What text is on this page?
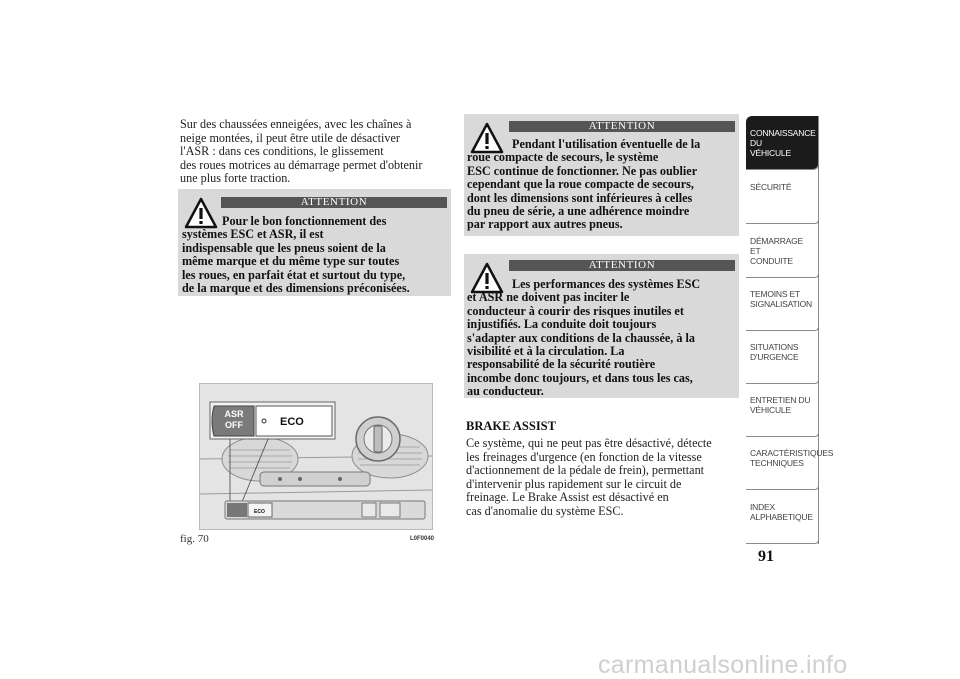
Sur des chaussées enneigées, avec les chaînes à
neige montées, il peut être utile de désactiver
l'ASR : dans ces conditions, le glissement
des roues motrices au démarrage permet d'obtenir
une plus forte traction.
ATTENTION
Pour le bon fonctionnement des
systèmes ESC et ASR, il est
indispensable que les pneus soient de la
même marque et du même type sur toutes
les roues, en parfait état et surtout du type,
de la marque et des dimensions préconisées.
ATTENTION
Pendant l'utilisation éventuelle de la
roue compacte de secours, le système
ESC continue de fonctionner. Ne pas oublier
cependant que la roue compacte de secours,
dont les dimensions sont inférieures à celles
du pneu de série, a une adhérence moindre
par rapport aux autres pneus.
ATTENTION
Les performances des systèmes ESC
et ASR ne doivent pas inciter le
conducteur à courir des risques inutiles et
injustifiés. La conduite doit toujours
s'adapter aux conditions de la chaussée, à la
visibilité et à la circulation. La
responsabilité de la sécurité routière
incombe donc toujours, et dans tous les cas,
au conducteur.
ASR
OFF	ECO
ECO
fig. 70	L0F0040
BRAKE ASSIST
Ce système, qui ne peut pas être désactivé, détecte
les freinages d'urgence (en fonction de la vitesse
d'actionnement de la pédale de frein), permettant
d'intervenir plus rapidement sur le circuit de
freinage. Le Brake Assist est désactivé en
cas d'anomalie du système ESC.
CONNAISSANCE DU
VÉHICULE
SÉCURITÉ
DÉMARRAGE ET
CONDUITE
TEMOINS ET
SIGNALISATION
SITUATIONS
D'URGENCE
ENTRETIEN DU
VÉHICULE
CARACTÉRISTIQUES
TECHNIQUES
INDEX
ALPHABETIQUE
91
carmanualsonline.info
